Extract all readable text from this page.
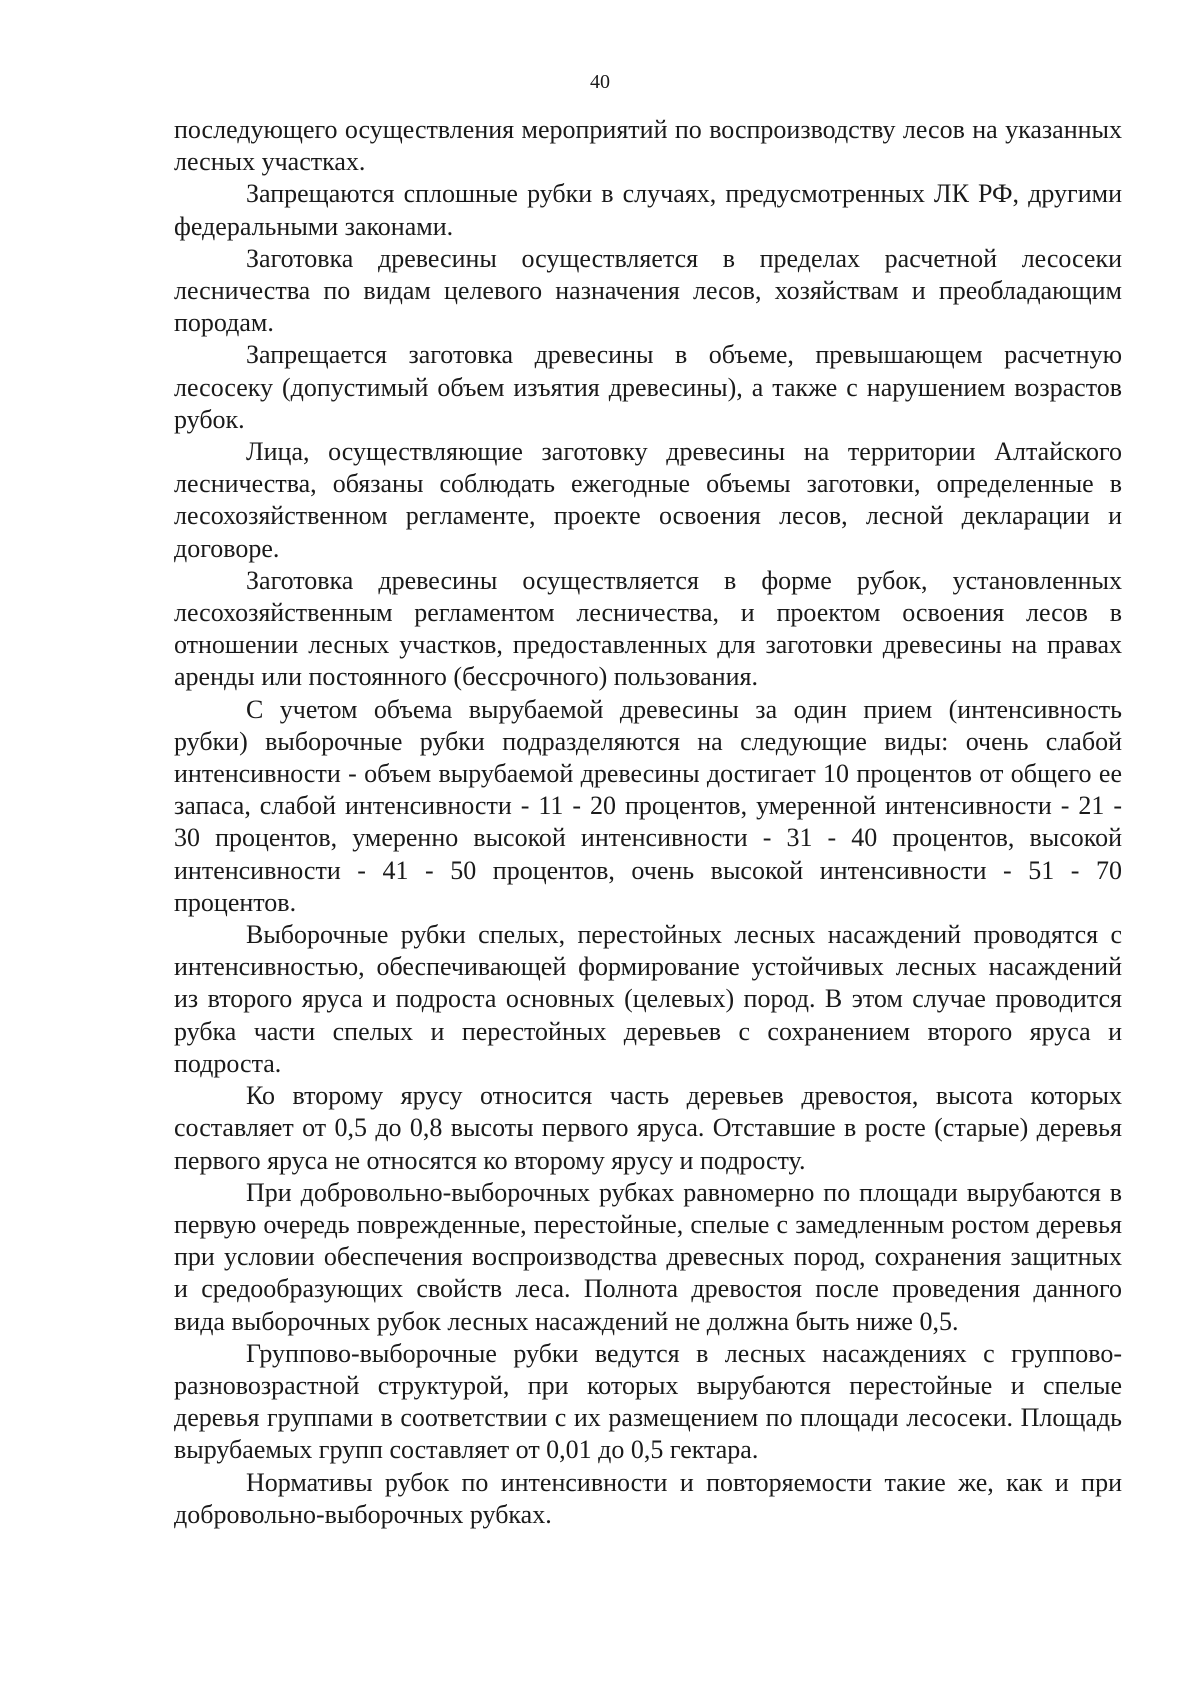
40

последующего осуществления мероприятий по воспроизводству лесов на указанных лесных участках.

Запрещаются сплошные рубки в случаях, предусмотренных ЛК РФ, другими федеральными законами.

Заготовка древесины осуществляется в пределах расчетной лесосеки лесничества по видам целевого назначения лесов, хозяйствам и преобладающим породам.

Запрещается заготовка древесины в объеме, превышающем расчетную лесосеку (допустимый объем изъятия древесины), а также с нарушением возрастов рубок.

Лица, осуществляющие заготовку древесины на территории Алтайского лесничества, обязаны соблюдать ежегодные объемы заготовки, определенные в лесохозяйственном регламенте, проекте освоения лесов, лесной декларации и договоре.

Заготовка древесины осуществляется в форме рубок, установленных лесохозяйственным регламентом лесничества, и проектом освоения лесов в отношении лесных участков, предоставленных для заготовки древесины на правах аренды или постоянного (бессрочного) пользования.

С учетом объема вырубаемой древесины за один прием (интенсивность рубки) выборочные рубки подразделяются на следующие виды: очень слабой интенсивности - объем вырубаемой древесины достигает 10 процентов от общего ее запаса, слабой интенсивности - 11 - 20 процентов, умеренной интенсивности - 21 - 30 процентов, умеренно высокой интенсивности - 31 - 40 процентов, высокой интенсивности - 41 - 50 процентов, очень высокой интенсивности - 51 - 70 процентов.

Выборочные рубки спелых, перестойных лесных насаждений проводятся с интенсивностью, обеспечивающей формирование устойчивых лесных насаждений из второго яруса и подроста основных (целевых) пород. В этом случае проводится рубка части спелых и перестойных деревьев с сохранением второго яруса и подроста.

Ко второму ярусу относится часть деревьев древостоя, высота которых составляет от 0,5 до 0,8 высоты первого яруса. Отставшие в росте (старые) деревья первого яруса не относятся ко второму ярусу и подросту.

При добровольно-выборочных рубках равномерно по площади вырубаются в первую очередь поврежденные, перестойные, спелые с замедленным ростом деревья при условии обеспечения воспроизводства древесных пород, сохранения защитных и средообразующих свойств леса. Полнота древостоя после проведения данного вида выборочных рубок лесных насаждений не должна быть ниже 0,5.

Группово-выборочные рубки ведутся в лесных насаждениях с группово-разновозрастной структурой, при которых вырубаются перестойные и спелые деревья группами в соответствии с их размещением по площади лесосеки. Площадь вырубаемых групп составляет от 0,01 до 0,5 гектара.

Нормативы рубок по интенсивности и повторяемости такие же, как и при добровольно-выборочных рубках.
